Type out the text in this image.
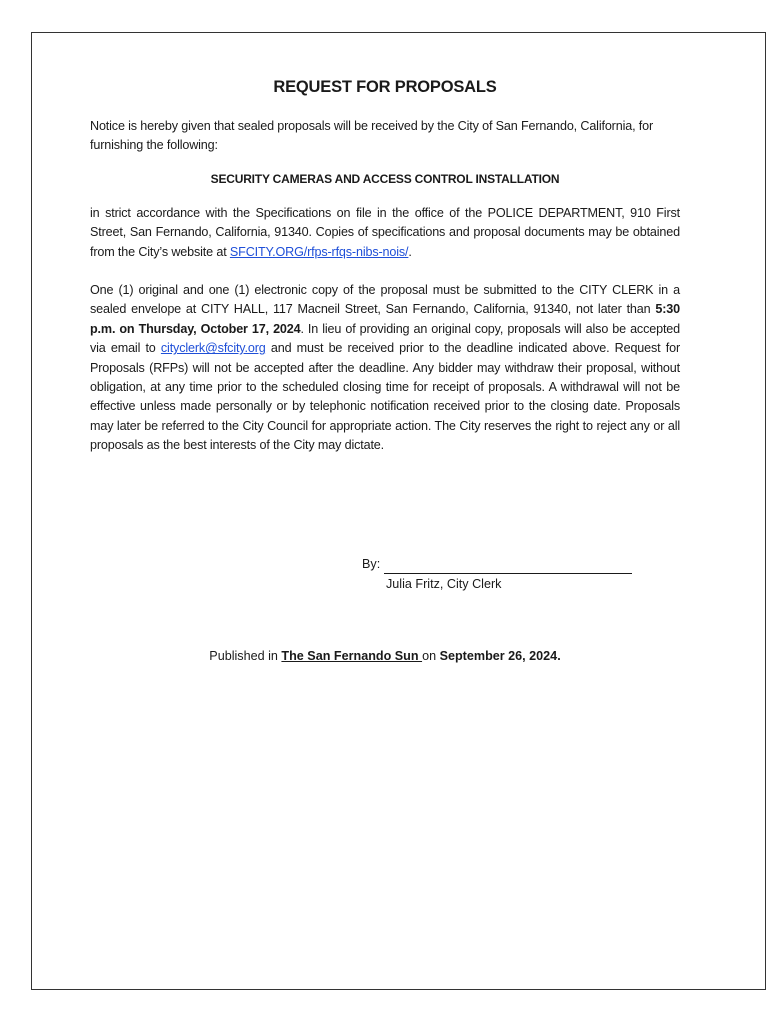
REQUEST FOR PROPOSALS

Notice is hereby given that sealed proposals will be received by the City of San Fernando, California, for furnishing the following:

SECURITY CAMERAS AND ACCESS CONTROL INSTALLATION

in strict accordance with the Specifications on file in the office of the POLICE DEPARTMENT, 910 First Street, San Fernando, California, 91340. Copies of specifications and proposal documents may be obtained from the City’s website at SFCITY.ORG/rfps-rfqs-nibs-nois/.

One (1) original and one (1) electronic copy of the proposal must be submitted to the CITY CLERK in a sealed envelope at CITY HALL, 117 Macneil Street, San Fernando, California, 91340, not later than 5:30 p.m. on Thursday, October 17, 2024. In lieu of providing an original copy, proposals will also be accepted via email to cityclerk@sfcity.org and must be received prior to the deadline indicated above. Request for Proposals (RFPs) will not be accepted after the deadline. Any bidder may withdraw their proposal, without obligation, at any time prior to the scheduled closing time for receipt of proposals. A withdrawal will not be effective unless made personally or by telephonic notification received prior to the closing date. Proposals may later be referred to the City Council for appropriate action. The City reserves the right to reject any or all proposals as the best interests of the City may dictate.

By:
Julia Fritz, City Clerk
Published in The San Fernando Sun on September 26, 2024.
